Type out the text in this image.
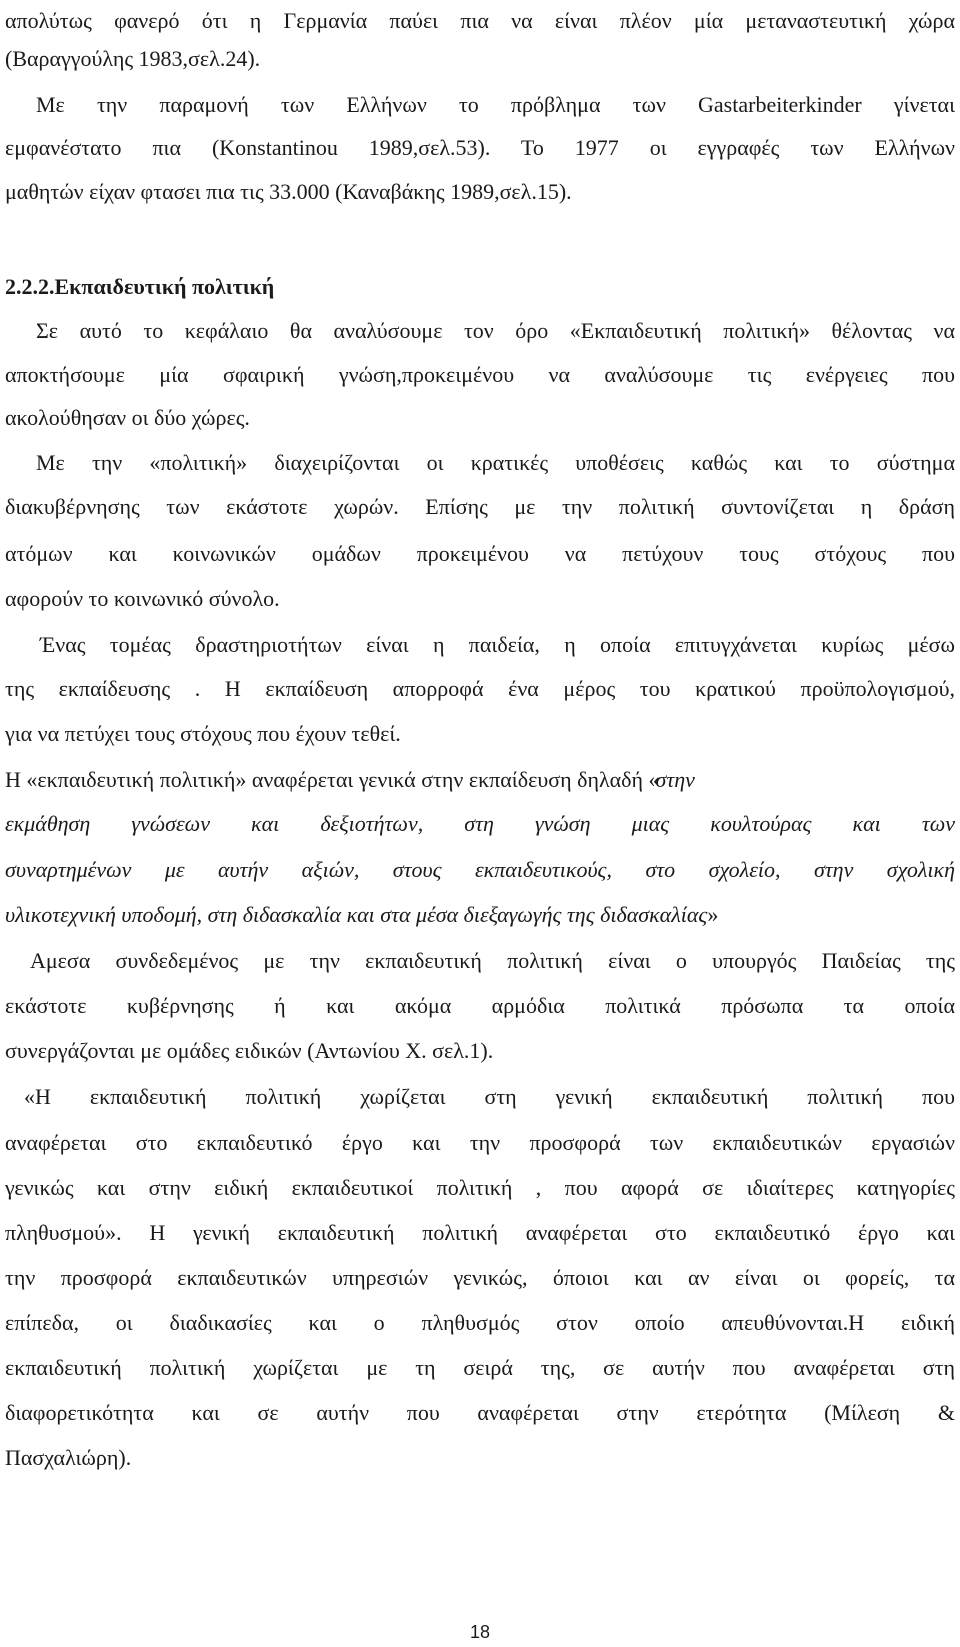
απολύτως φανερό ότι η Γερμανία παύει πια να είναι πλέον μία μεταναστευτική χώρα
(Βαραγγούλης 1983,σελ.24).
Με την παραμονή των Ελλήνων το πρόβλημα των Gastarbeiterkinder γίνεται
εμφανέστατο πια (Konstantinou 1989,σελ.53). Το 1977 οι εγγραφές των Ελλήνων
μαθητών είχαν φτασει πια τις 33.000 (Καναβάκης 1989,σελ.15).
2.2.2.Εκπαιδευτική πολιτική
Σε αυτό το κεφάλαιο θα αναλύσουμε τον όρο «Εκπαιδευτική πολιτική» θέλοντας να
αποκτήσουμε μία σφαιρική γνώση,προκειμένου να αναλύσουμε τις ενέργειες που
ακολούθησαν οι δύο χώρες.
Με την «πολιτική» διαχειρίζονται οι κρατικές υποθέσεις καθώς και το σύστημα
διακυβέρνησης των εκάστοτε χωρών. Επίσης με την πολιτική συντονίζεται η δράση
ατόμων και κοινωνικών ομάδων προκειμένου να πετύχουν τους στόχους που
αφορούν το κοινωνικό σύνολο.
Ένας τομέας δραστηριοτήτων είναι η παιδεία, η οποία επιτυγχάνεται κυρίως μέσω
της εκπαίδευσης . Η εκπαίδευση απορροφά ένα μέρος του κρατικού προϋπολογισμού,
για να πετύχει τους στόχους που έχουν τεθεί.
Η «εκπαιδευτική πολιτική» αναφέρεται γενικά στην εκπαίδευση δηλαδή «
στην
εκμάθηση γνώσεων και δεξιοτήτων, στη γνώση μιας κουλτούρας και των
συναρτημένων με αυτήν αξιών, στους εκπαιδευτικούς, στο σχολείο, στην σχολική
υλικοτεχνική υποδομή, στη διδασκαλία και στα μέσα διεξαγωγής της διδασκαλίας»
Αμεσα συνδεδεμένος με την εκπαιδευτική πολιτική είναι ο υπουργός Παιδείας της
εκάστοτε κυβέρνησης ή και ακόμα αρμόδια πολιτικά πρόσωπα τα οποία
συνεργάζονται με ομάδες ειδικών (Αντωνίου Χ. σελ.1).
«Η εκπαιδευτική πολιτική χωρίζεται στη γενική εκπαιδευτική πολιτική που
αναφέρεται στο εκπαιδευτικό έργο και την προσφορά των εκπαιδευτικών εργασιών
γενικώς και στην ειδική εκπαιδευτικοί πολιτική , που αφορά σε ιδιαίτερες κατηγορίες
πληθυσμού». Η γενική εκπαιδευτική πολιτική αναφέρεται στο εκπαιδευτικό έργο και
την προσφορά εκπαιδευτικών υπηρεσιών γενικώς, όποιοι και αν είναι οι φορείς, τα
επίπεδα, οι διαδικασίες και ο πληθυσμός στον οποίο απευθύνονται.Η ειδική
εκπαιδευτική πολιτική χωρίζεται με τη σειρά της, σε αυτήν που αναφέρεται στη
διαφορετικότητα και σε αυτήν που αναφέρεται στην ετερότητα (Μίλεση &
Πασχαλιώρη).
18
